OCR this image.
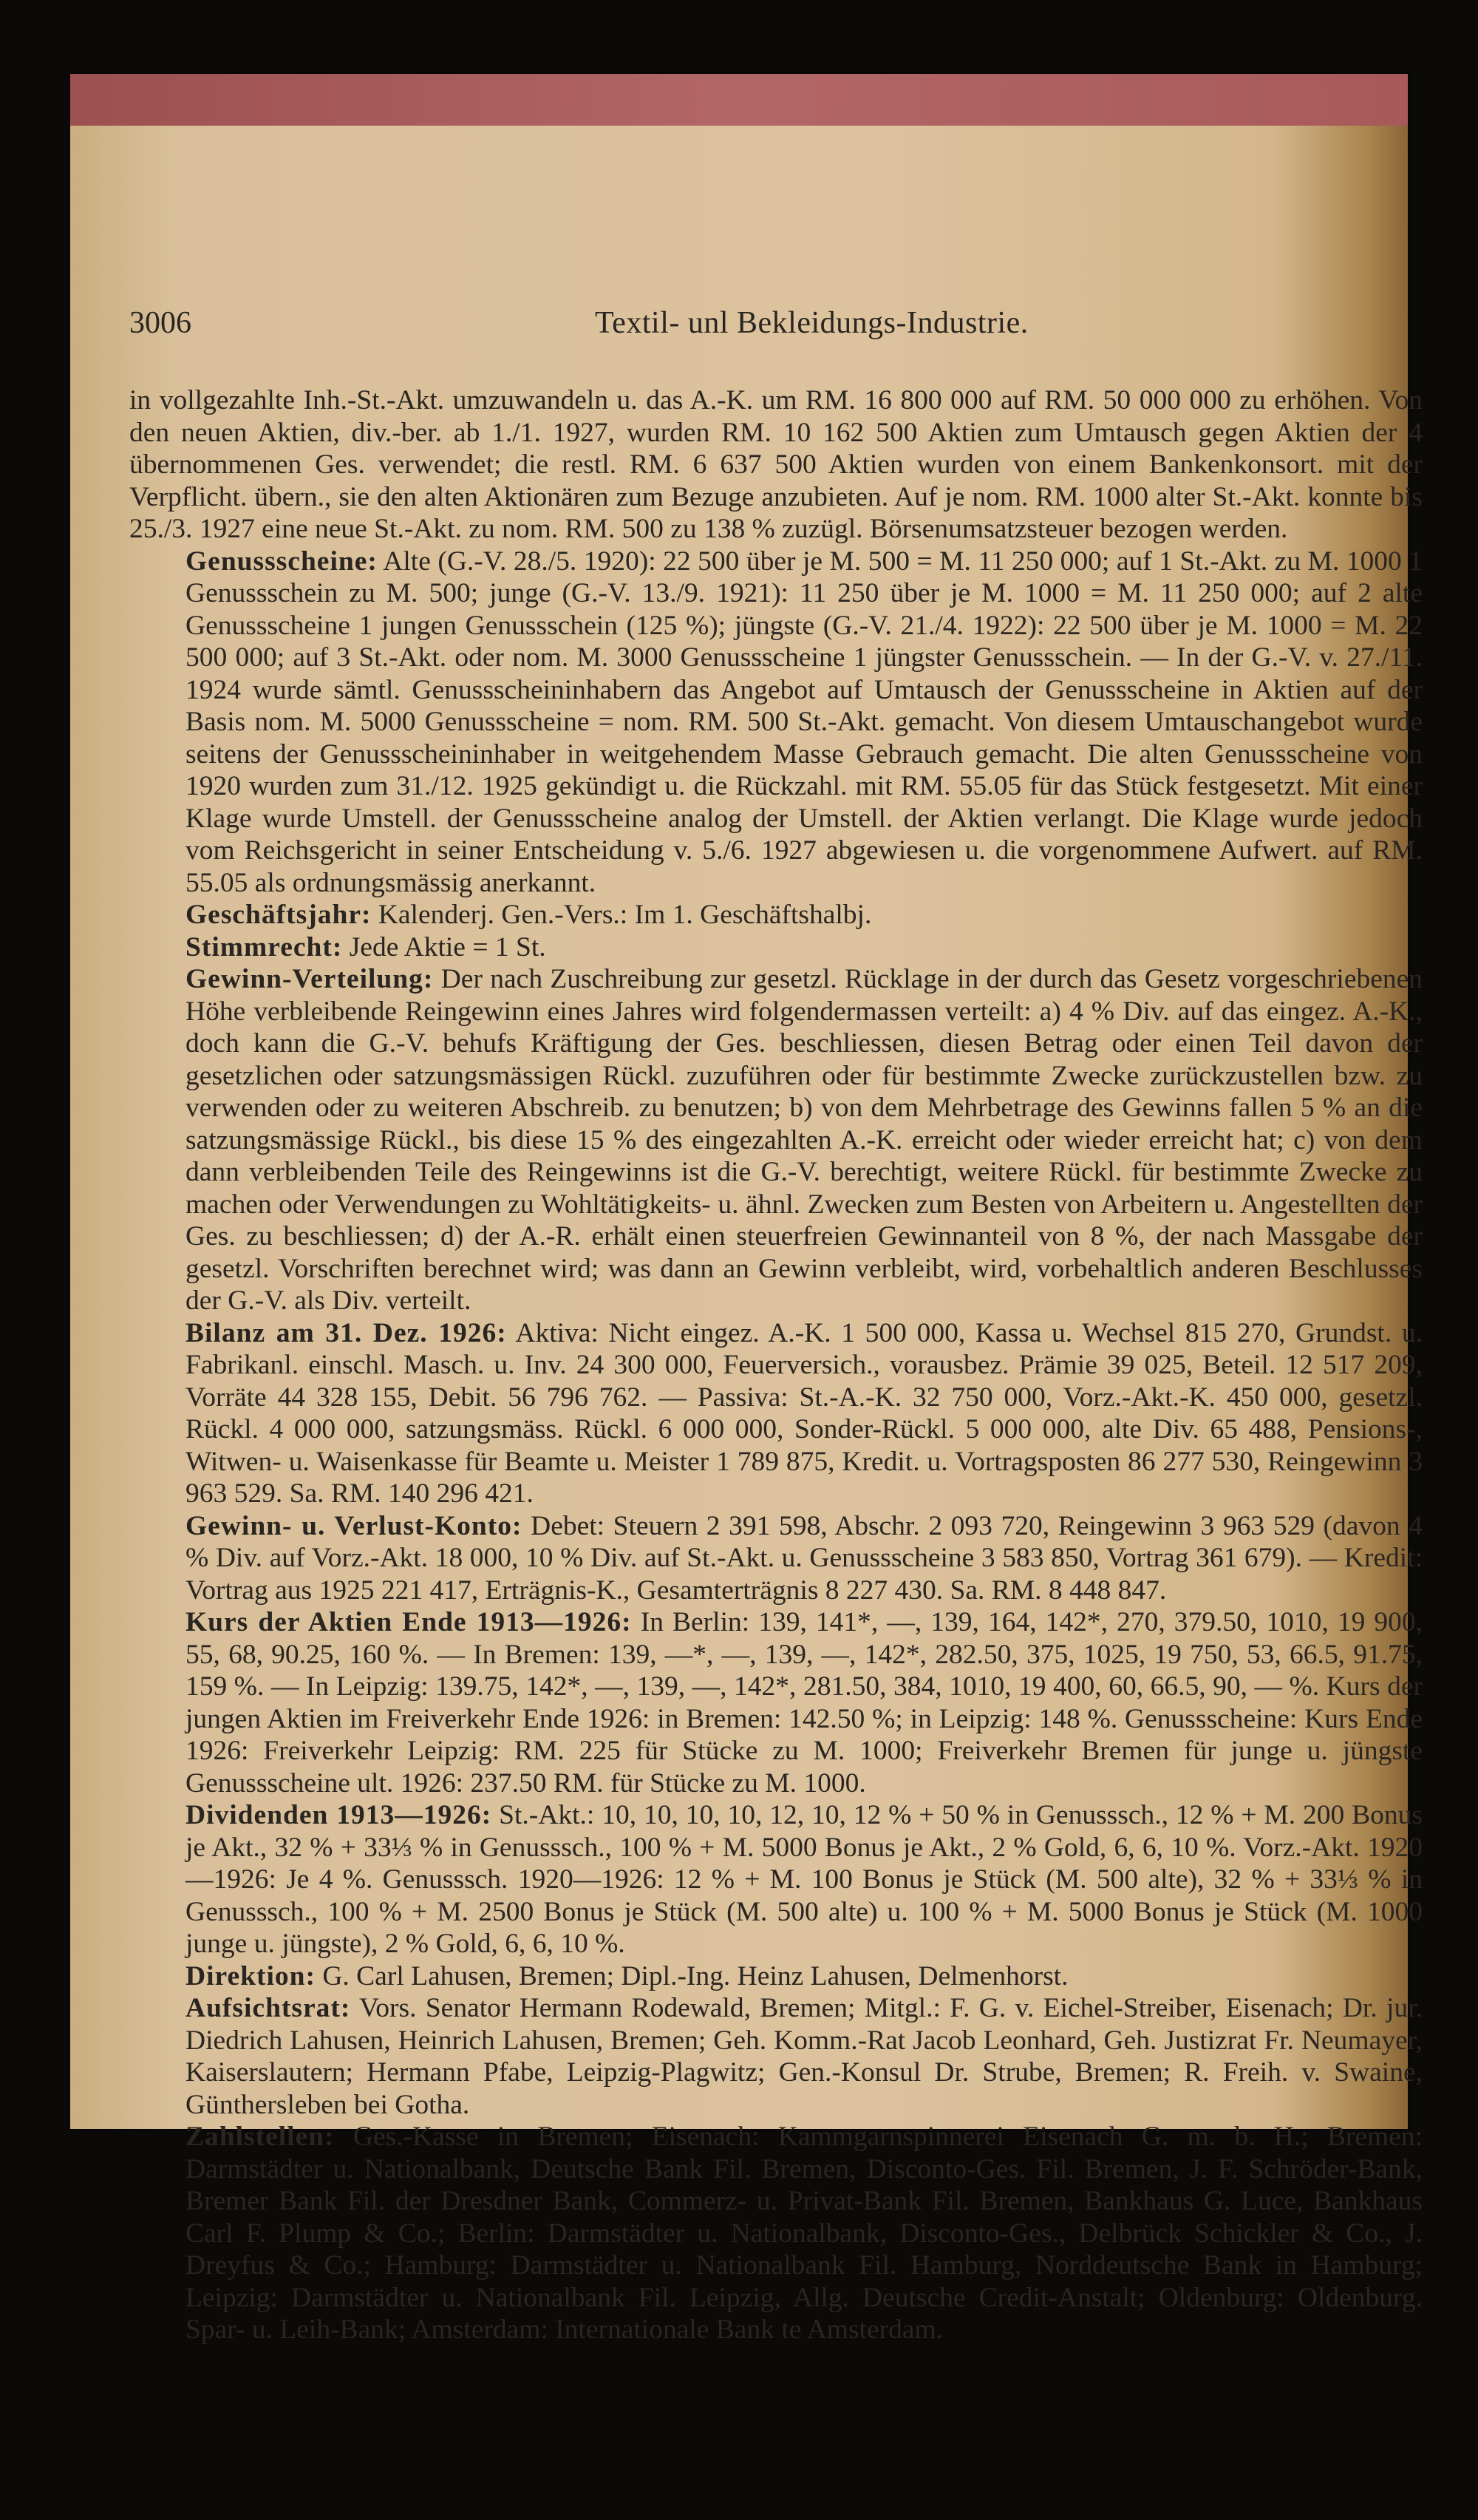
3006	Textil- unl Bekleidungs-Industrie.

in vollgezahlte Inh.-St.-Akt. umzuwandeln u. das A.-K. um RM. 16 800 000 auf RM. 50 000 000 zu erhöhen. Von den neuen Aktien, div.-ber. ab 1./1. 1927, wurden RM. 10 162 500 Aktien zum Umtausch gegen Aktien der 4 übernommenen Ges. verwendet; die restl. RM. 6 637 500 Aktien wurden von einem Bankenkonsort. mit der Verpflicht. übern., sie den alten Aktionären zum Bezuge anzubieten. Auf je nom. RM. 1000 alter St.-Akt. konnte bis 25./3. 1927 eine neue St.-Akt. zu nom. RM. 500 zu 138 % zuzügl. Börsenumsatzsteuer bezogen werden.

Genussscheine: Alte (G.-V. 28./5. 1920): 22 500 über je M. 500 = M. 11 250 000; auf 1 St.-Akt. zu M. 1000 1 Genussschein zu M. 500; junge (G.-V. 13./9. 1921): 11 250 über je M. 1000 = M. 11 250 000; auf 2 alte Genussscheine 1 jungen Genussschein (125 %); jüngste (G.-V. 21./4. 1922): 22 500 über je M. 1000 = M. 22 500 000; auf 3 St.-Akt. oder nom. M. 3000 Genussscheine 1 jüngster Genussschein. — In der G.-V. v. 27./11. 1924 wurde sämtl. Genussscheininhabern das Angebot auf Umtausch der Genussscheine in Aktien auf der Basis nom. M. 5000 Genussscheine = nom. RM. 500 St.-Akt. gemacht. Von diesem Umtauschangebot wurde seitens der Genussscheininhaber in weitgehendem Masse Gebrauch gemacht. Die alten Genussscheine von 1920 wurden zum 31./12. 1925 gekündigt u. die Rückzahl. mit RM. 55.05 für das Stück festgesetzt. Mit einer Klage wurde Umstell. der Genussscheine analog der Umstell. der Aktien verlangt. Die Klage wurde jedoch vom Reichsgericht in seiner Entscheidung v. 5./6. 1927 abgewiesen u. die vorgenommene Aufwert. auf RM. 55.05 als ordnungsmässig anerkannt.

Geschäftsjahr: Kalenderj. Gen.-Vers.: Im 1. Geschäftshalbj.

Stimmrecht: Jede Aktie = 1 St.

Gewinn-Verteilung: Der nach Zuschreibung zur gesetzl. Rücklage in der durch das Gesetz vorgeschriebenen Höhe verbleibende Reingewinn eines Jahres wird folgendermassen verteilt: a) 4 % Div. auf das eingez. A.-K., doch kann die G.-V. behufs Kräftigung der Ges. beschliessen, diesen Betrag oder einen Teil davon der gesetzlichen oder satzungsmässigen Rückl. zuzuführen oder für bestimmte Zwecke zurückzustellen bzw. zu verwenden oder zu weiteren Abschreib. zu benutzen; b) von dem Mehrbetrage des Gewinns fallen 5 % an die satzungsmässige Rückl., bis diese 15 % des eingezahlten A.-K. erreicht oder wieder erreicht hat; c) von dem dann verbleibenden Teile des Reingewinns ist die G.-V. berechtigt, weitere Rückl. für bestimmte Zwecke zu machen oder Verwendungen zu Wohltätigkeits- u. ähnl. Zwecken zum Besten von Arbeitern u. Angestellten der Ges. zu beschliessen; d) der A.-R. erhält einen steuerfreien Gewinnanteil von 8 %, der nach Massgabe der gesetzl. Vorschriften berechnet wird; was dann an Gewinn verbleibt, wird, vorbehaltlich anderen Beschlusses der G.-V. als Div. verteilt.

Bilanz am 31. Dez. 1926: Aktiva: Nicht eingez. A.-K. 1 500 000, Kassa u. Wechsel 815 270, Grundst. u. Fabrikanl. einschl. Masch. u. Inv. 24 300 000, Feuerversich., vorausbez. Prämie 39 025, Beteil. 12 517 209, Vorräte 44 328 155, Debit. 56 796 762. — Passiva: St.-A.-K. 32 750 000, Vorz.-Akt.-K. 450 000, gesetzl. Rückl. 4 000 000, satzungsmäss. Rückl. 6 000 000, Sonder-Rückl. 5 000 000, alte Div. 65 488, Pensions-, Witwen- u. Waisenkasse für Beamte u. Meister 1 789 875, Kredit. u. Vortragsposten 86 277 530, Reingewinn 3 963 529. Sa. RM. 140 296 421.

Gewinn- u. Verlust-Konto: Debet: Steuern 2 391 598, Abschr. 2 093 720, Reingewinn 3 963 529 (davon 4 % Div. auf Vorz.-Akt. 18 000, 10 % Div. auf St.-Akt. u. Genussscheine 3 583 850, Vortrag 361 679). — Kredit: Vortrag aus 1925 221 417, Erträgnis-K., Gesamterträgnis 8 227 430. Sa. RM. 8 448 847.

Kurs der Aktien Ende 1913—1926: In Berlin: 139, 141*, —, 139, 164, 142*, 270, 379.50, 1010, 19 900, 55, 68, 90.25, 160 %. — In Bremen: 139, —*, —, 139, —, 142*, 282.50, 375, 1025, 19 750, 53, 66.5, 91.75, 159 %. — In Leipzig: 139.75, 142*, —, 139, —, 142*, 281.50, 384, 1010, 19 400, 60, 66.5, 90, — %. Kurs der jungen Aktien im Freiverkehr Ende 1926: in Bremen: 142.50 %; in Leipzig: 148 %. Genussscheine: Kurs Ende 1926: Freiverkehr Leipzig: RM. 225 für Stücke zu M. 1000; Freiverkehr Bremen für junge u. jüngste Genussscheine ult. 1926: 237.50 RM. für Stücke zu M. 1000.

Dividenden 1913—1926: St.-Akt.: 10, 10, 10, 10, 12, 10, 12 % + 50 % in Genusssch., 12 % + M. 200 Bonus je Akt., 32 % + 33⅓ % in Genusssch., 100 % + M. 5000 Bonus je Akt., 2 % Gold, 6, 6, 10 %. Vorz.-Akt. 1920—1926: Je 4 %. Genusssch. 1920—1926: 12 % + M. 100 Bonus je Stück (M. 500 alte), 32 % + 33⅓ % in Genusssch., 100 % + M. 2500 Bonus je Stück (M. 500 alte) u. 100 % + M. 5000 Bonus je Stück (M. 1000 junge u. jüngste), 2 % Gold, 6, 6, 10 %.

Direktion: G. Carl Lahusen, Bremen; Dipl.-Ing. Heinz Lahusen, Delmenhorst.

Aufsichtsrat: Vors. Senator Hermann Rodewald, Bremen; Mitgl.: F. G. v. Eichel-Streiber, Eisenach; Dr. jur. Diedrich Lahusen, Heinrich Lahusen, Bremen; Geh. Komm.-Rat Jacob Leonhard, Geh. Justizrat Fr. Neumayer, Kaiserslautern; Hermann Pfabe, Leipzig-Plagwitz; Gen.-Konsul Dr. Strube, Bremen; R. Freih. v. Swaine, Günthersleben bei Gotha.

Zahlstellen: Ges.-Kasse in Bremen; Eisenach: Kammgarnspinnerei Eisenach G. m. b. H.; Bremen: Darmstädter u. Nationalbank, Deutsche Bank Fil. Bremen, Disconto-Ges. Fil. Bremen, J. F. Schröder-Bank, Bremer Bank Fil. der Dresdner Bank, Commerz- u. Privat-Bank Fil. Bremen, Bankhaus G. Luce, Bankhaus Carl F. Plump & Co.; Berlin: Darmstädter u. Nationalbank, Disconto-Ges., Delbrück Schickler & Co., J. Dreyfus & Co.; Hamburg: Darmstädter u. Nationalbank Fil. Hamburg, Norddeutsche Bank in Hamburg; Leipzig: Darmstädter u. Nationalbank Fil. Leipzig, Allg. Deutsche Credit-Anstalt; Oldenburg: Oldenburg. Spar- u. Leih-Bank; Amsterdam: Internationale Bank te Amsterdam.
